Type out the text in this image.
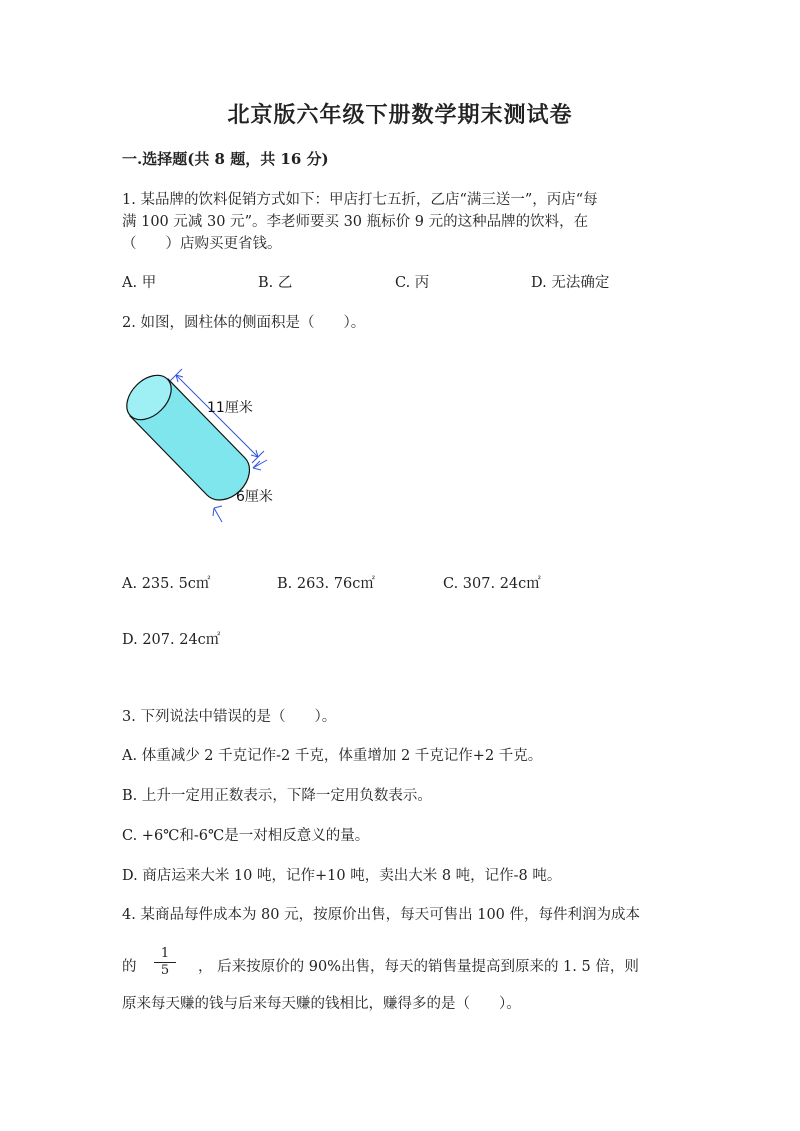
北京版六年级下册数学期末测试卷
一.选择题(共 8 题，共 16 分)
1. 某品牌的饮料促销方式如下：甲店打七五折，乙店“满三送一”，丙店“每
满 100 元减 30 元”。李老师要买 30 瓶标价 9 元的这种品牌的饮料，在
（　　）店购买更省钱。
A. 甲	B. 乙	C. 丙	D. 无法确定
2. 如图，圆柱体的侧面积是（　　）。
11厘米
6厘米
A. 235. 5c㎡	B. 263. 76c㎡	C. 307. 24c㎡
D. 207. 24c㎡
3. 下列说法中错误的是（　　）。
A. 体重减少 2 千克记作-2 千克，体重增加 2 千克记作+2 千克。
B. 上升一定用正数表示，下降一定用负数表示。
C. +6℃和-6℃是一对相反意义的量。
D. 商店运来大米 10 吨，记作+10 吨，卖出大米 8 吨，记作-8 吨。
4. 某商品每件成本为 80 元，按原价出售，每天可售出 100 件，每件利润为成本
的 $\frac{1}{5}$ ， 后来按原价的 90%出售，每天的销售量提高到原来的 1. 5 倍，则
原来每天赚的钱与后来每天赚的钱相比，赚得多的是（　　）。
